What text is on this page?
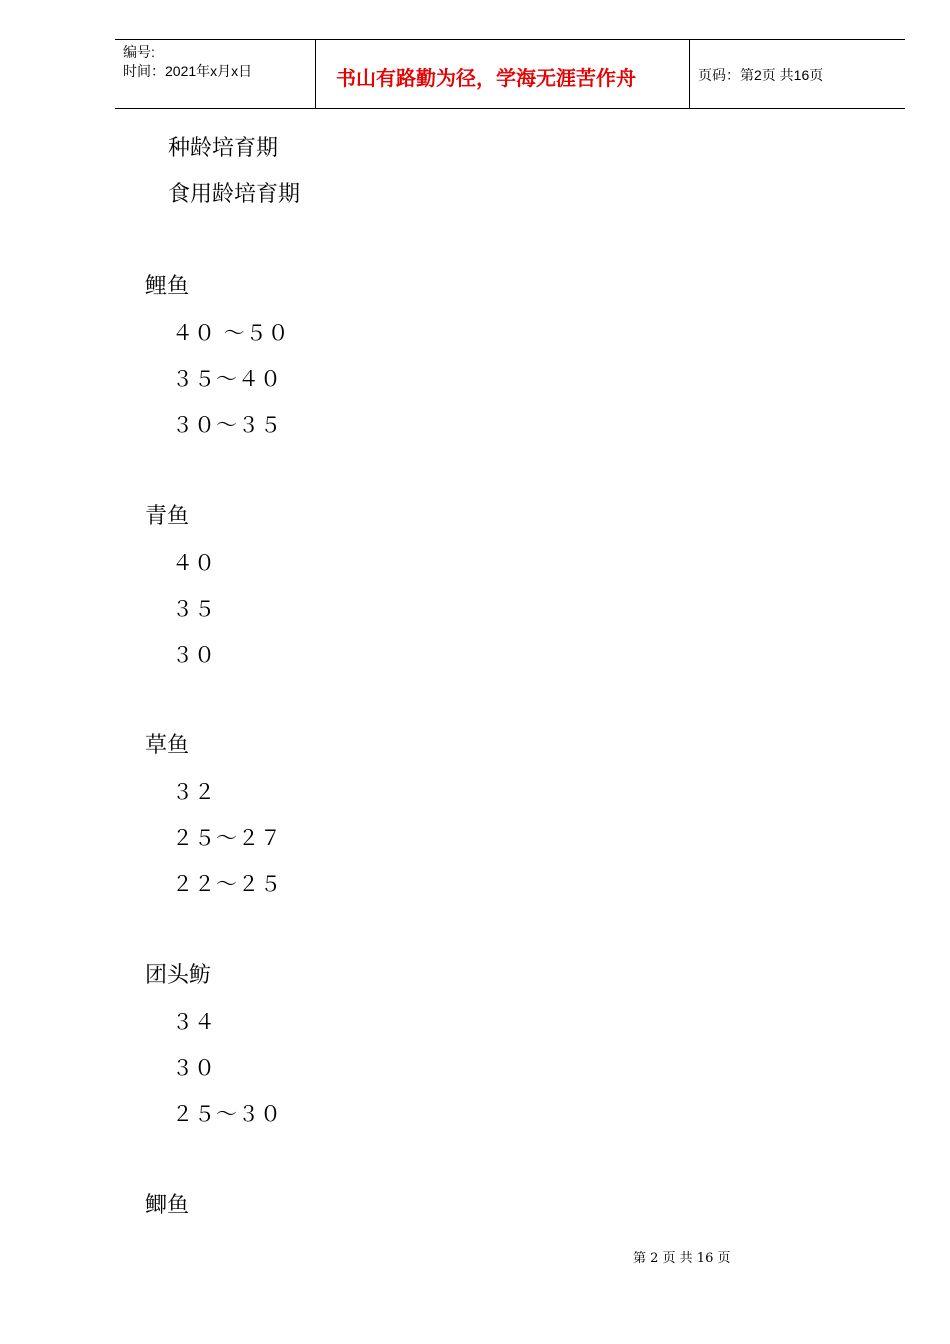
编号:
时间：2021年x月x日	书山有路勤为径，学海无涯苦作舟	页码：第2页 共16页
种龄培育期
食用龄培育期
鲤鱼
４０ ～５０
３５～４０
３０～３５
青鱼
４０
３５
３０
草鱼
３２
２５～２７
２２～２５
团头鲂
３４
３０
２５～３０
鲫鱼
第 2 页 共 16 页
